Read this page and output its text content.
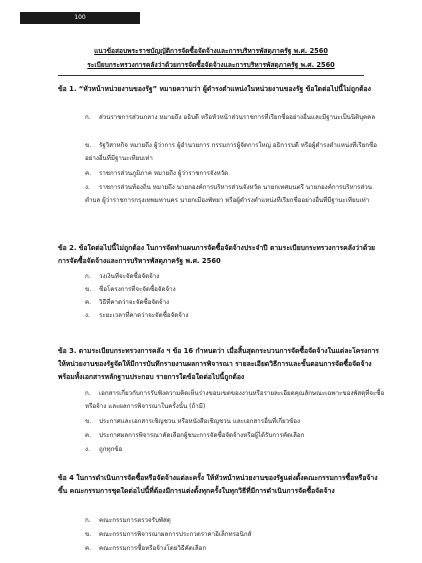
100
แนวข้อสอบพระราชบัญญัติการจัดซื้อจัดจ้างและการบริหารพัสดุภาครัฐ พ.ศ. 2560
ระเบียบกระทรวงการคลังว่าด้วยการจัดซื้อจัดจ้างและการบริหารพัสดุภาครัฐ พ.ศ. 2560
ข้อ 1. “หัวหน้าหน่วยงานของรัฐ” หมายความว่า ผู้ดำรงตำแหน่งในหน่วยงานของรัฐ ข้อใดต่อไปนี้ไม่ถูกต้อง
ก. ส่วนราชการส่วนกลาง หมายถึง อธิบดี หรือหัวหน้าส่วนราชการที่เรียกชื่ออย่างอื่นและมีฐานะเป็นนิติบุคคล
ข. รัฐวิสาหกิจ หมายถึง ผู้ว่าการ ผู้อำนวยการ กรรมการผู้จัดการใหญ่ อธิการบดี หรือผู้ดำรงตำแหน่งที่เรียกชื่ออย่างอื่นที่มีฐานะเทียบเท่า
ค. ราชการส่วนภูมิภาค หมายถึง ผู้ว่าราชการจังหวัด
ง. ราชการส่วนท้องถิ่น หมายถึง นายกองค์การบริหารส่วนจังหวัด นายกเทศมนตรี นายกองค์การบริหารส่วนตำบล ผู้ว่าราชการกรุงเทพมหานคร นายกเมืองพัทยา หรือผู้ดำรงตำแหน่งที่เรียกชื่ออย่างอื่นที่มีฐานะเทียบเท่า
ข้อ 2. ข้อใดต่อไปนี้ไม่ถูกต้อง ในการจัดทำแผนการจัดซื้อจัดจ้างประจำปี ตามระเบียบกระทรวงการคลังว่าด้วยการจัดซื้อจัดจ้างและการบริหารพัสดุภาครัฐ พ.ศ. 2560
ก. วงเงินที่จะจัดซื้อจัดจ้าง
ข. ชื่อโครงการที่จะจัดซื้อจัดจ้าง
ค. วิธีที่คาดว่าจะจัดซื้อจัดจ้าง
ง. ระยะเวลาที่คาดว่าจะจัดซื้อจัดจ้าง
ข้อ 3. ตามระเบียบกระทรวงการคลัง ฯ ข้อ 16 กำหนดว่า เมื่อสิ้นสุดกระบวนการจัดซื้อจัดจ้างในแต่ละโครงการ ให้หน่วยงานของรัฐจัดให้มีการบันทึกรายงานผลการพิจารณา รายละเอียดวิธีการและขั้นตอนการจัดซื้อจัดจ้างพร้อมทั้งเอกสารหลักฐานประกอบ รายการใดข้อใดต่อไปนี้ถูกต้อง
ก. เอกสารเกี่ยวกับการรับฟังความคิดเห็นร่างขอบเขตของงานหรือรายละเอียดคุณลักษณะเฉพาะของพัสดุที่จะซื้อหรือจ้าง และผลการพิจารณาในครั้งนั้น (ถ้ามี)
ข. ประกาศและเอกสารเชิญชวน หรือหนังสือเชิญชวน และเอกสารอื่นที่เกี่ยวข้อง
ค. ประกาศผลการพิจารณาคัดเลือกผู้ชนะการจัดซื้อจัดจ้างหรือผู้ได้รับการคัดเลือก
ง. ถูกทุกข้อ
ข้อ 4 ในการดำเนินการจัดซื้อหรือจัดจ้างแต่ละครั้ง ให้หัวหน้าหน่วยงานของรัฐแต่งตั้งคณะกรรมการซื้อหรือจ้างขึ้น คณะกรรมการชุดใดต่อไปนี้ที่ต้องมีการแต่งตั้งทุกครั้งในทุกวิธีที่มีการดำเนินการจัดซื้อจัดจ้าง
ก. คณะกรรมการตรวจรับพัสดุ
ข. คณะกรรมการพิจารณาผลการประกวดราคาอิเล็กทรอนิกส์
ค. คณะกรรมการซื้อหรือจ้างโดยวิธีคัดเลือก
